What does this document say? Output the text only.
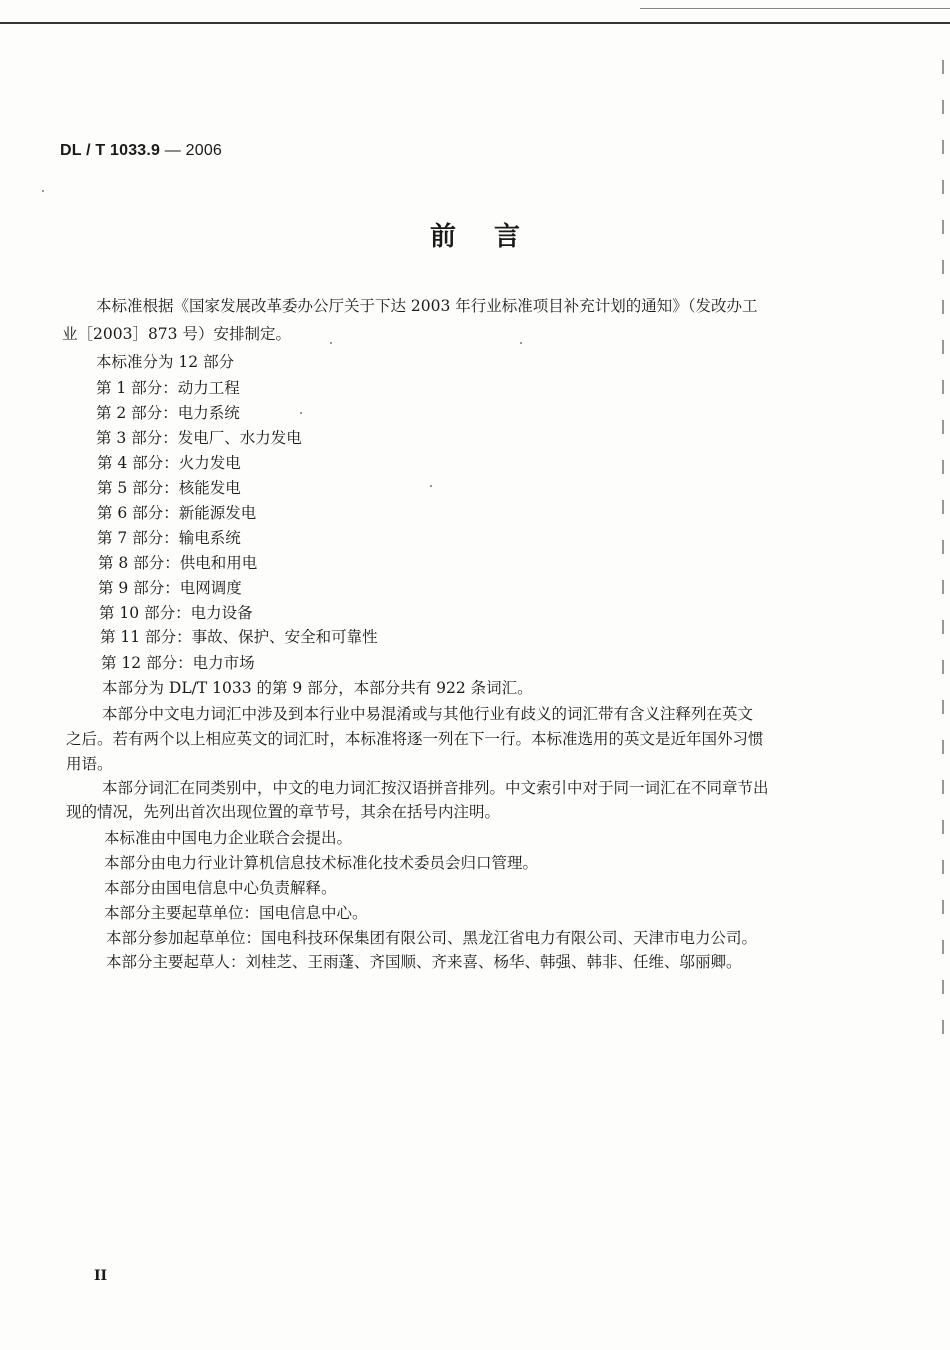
DL / T 1033.9 — 2006
前言
本标准根据《国家发展改革委办公厅关于下达 2003 年行业标准项目补充计划的通知》（发改办工
业［2003］873 号）安排制定。
本标准分为 12 部分
第 1 部分：动力工程
第 2 部分：电力系统
第 3 部分：发电厂、水力发电
第 4 部分：火力发电
第 5 部分：核能发电
第 6 部分：新能源发电
第 7 部分：输电系统
第 8 部分：供电和用电
第 9 部分：电网调度
第 10 部分：电力设备
第 11 部分：事故、保护、安全和可靠性
第 12 部分：电力市场
本部分为 DL/T 1033 的第 9 部分，本部分共有 922 条词汇。
本部分中文电力词汇中涉及到本行业中易混淆或与其他行业有歧义的词汇带有含义注释列在英文
之后。若有两个以上相应英文的词汇时，本标准将逐一列在下一行。本标准选用的英文是近年国外习惯
用语。
本部分词汇在同类别中，中文的电力词汇按汉语拼音排列。中文索引中对于同一词汇在不同章节出
现的情况，先列出首次出现位置的章节号，其余在括号内注明。
本标准由中国电力企业联合会提出。
本部分由电力行业计算机信息技术标准化技术委员会归口管理。
本部分由国电信息中心负责解释。
本部分主要起草单位：国电信息中心。
本部分参加起草单位：国电科技环保集团有限公司、黑龙江省电力有限公司、天津市电力公司。
本部分主要起草人：刘桂芝、王雨蓬、齐国顺、齐来喜、杨华、韩强、韩非、任维、邬丽卿。
II
